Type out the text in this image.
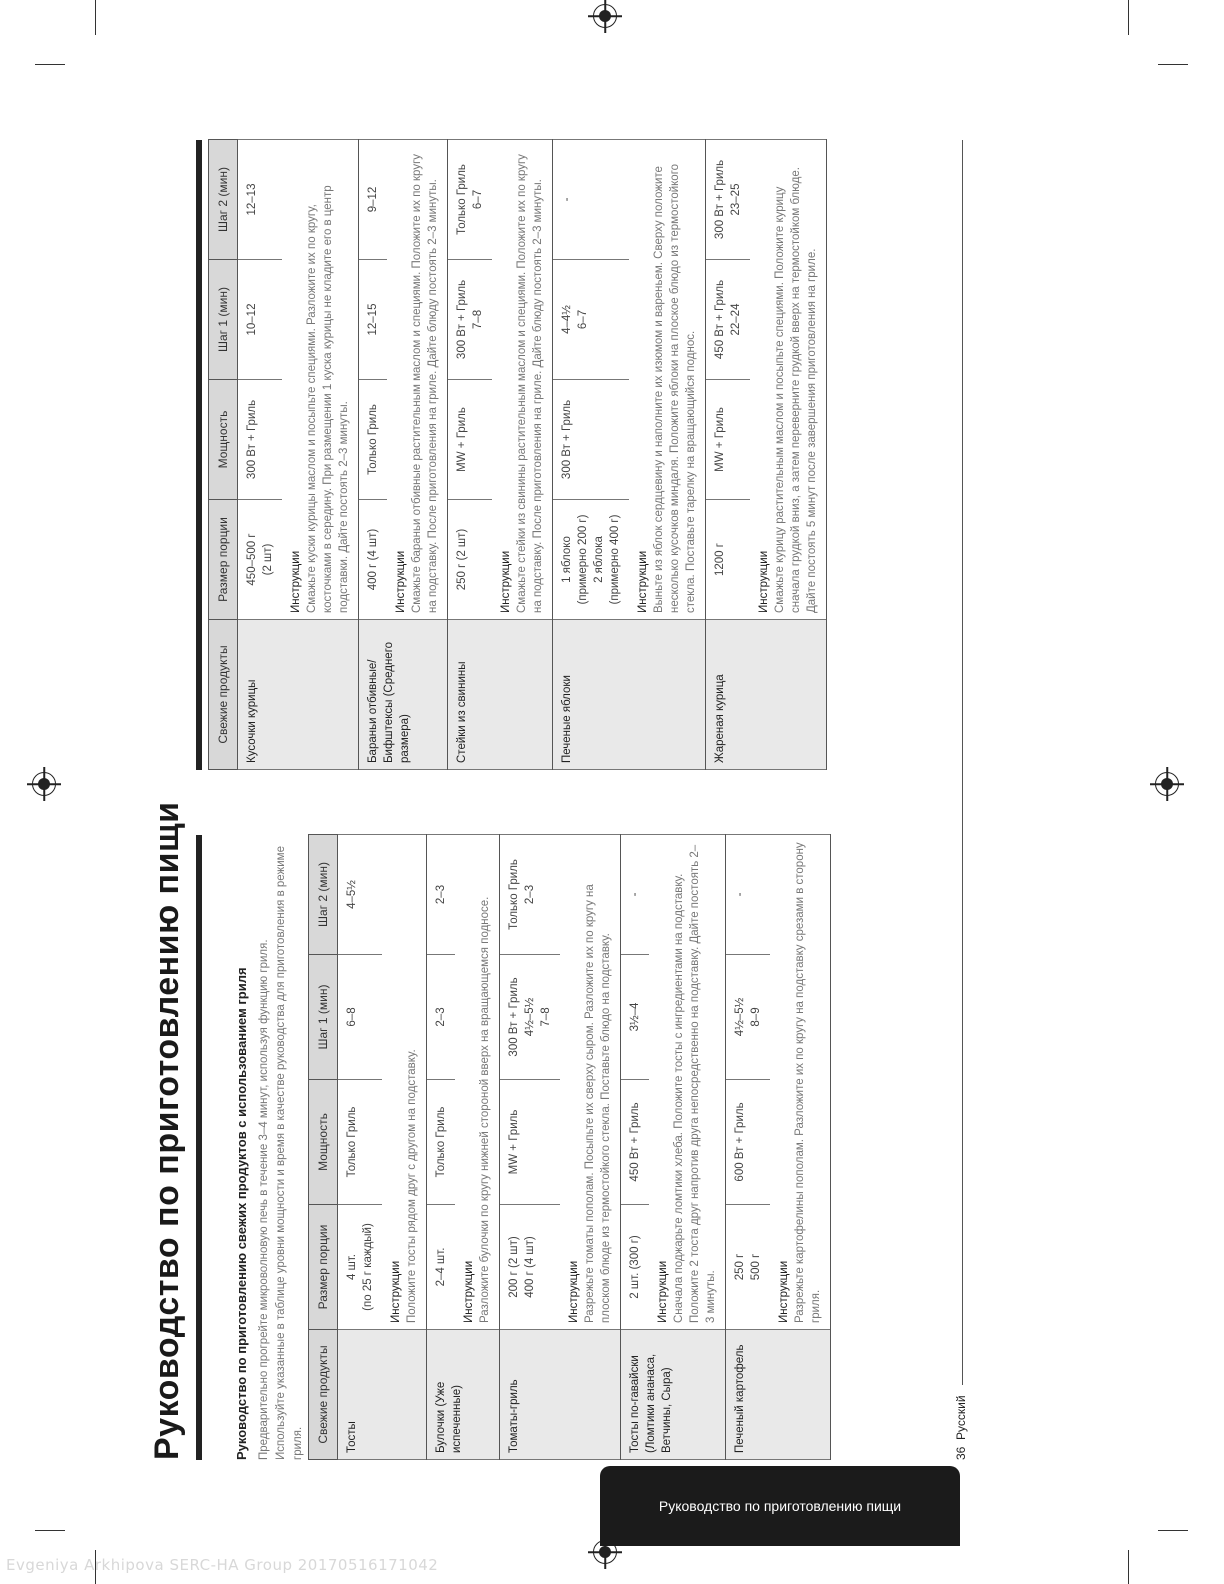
Руководство по приготовлению пищи	Руководство по приготовлению свежих продуктов с использованием гриля Предварительно прогрейте микроволновую печь в течение 3–4 минут, используя функцию гриля. Используйте указанные в таблице уровни мощности и время в качестве руководства для приготовления в режиме гриля. Свежие продукты	Размер порции	Мощность	Шаг 1 (мин)	Шаг 2 (мин)
Тосты	4 шт. (по 25 г каждый)	Только Гриль	6–8	4–5½

	Инструкции Положите тосты рядом друг с другом на подставку.			
Булочки (Уже испеченные)	2–4 шт.	Только Гриль	2–3	2–3

	Инструкции Разложите булочки по кругу нижней стороной вверх на вращающемся подносе.			
Томаты-гриль	200 г (2 шт) 400 г (4 шт)	MW + Гриль	300 Вт + Гриль 4½–5½ 7–8	Только Гриль 2–3

	Инструкции Разрежьте томаты пополам. Посыпьте их сверху сыром. Разложите их по кругу на плоском блюде из термостойкого стекла. Поставьте блюдо на подставку.			
Тосты по-гавайски (Ломтики ананаса, Ветчины, Сыра)	2 шт. (300 г)	450 Вт + Гриль	3½–4	-

	Инструкции Сначала поджарьте ломтики хлеба. Положите тосты с ингредиентами на подставку. Положите 2 тоста друг напротив друга непосредственно на подставку. Дайте постоять 2–3 минуты.			
Печеный картофель	250 г 500 г	600 Вт + Гриль	4½–5½ 8–9	-

	Инструкции Разрежьте картофелины пополам. Разложите их по кругу на подставку срезами в сторону гриля.			
Свежие продукты	Размер порции	Мощность	Шаг 1 (мин)	Шаг 2 (мин)
Кусочки курицы	450–500 г (2 шт)	300 Вт + Гриль	10–12	12–13

	Инструкции Смажьте куски курицы маслом и посыпьте специями. Разложите их по кругу, косточками в середину. При размещении 1 куска курицы не кладите его в центр подставки. Дайте постоять 2–3 минуты.			
Бараньи отбивные/ Бифштексы (Среднего размера)	400 г (4 шт)	Только Гриль	12–15	9–12

	Инструкции Смажьте бараньи отбивные растительным маслом и специями. Положите их по кругу на подставку. После приготовления на гриле. Дайте блюду постоять 2–3 минуты.			
Стейки из свинины	250 г (2 шт)	MW + Гриль	300 Вт + Гриль 7–8	Только Гриль 6–7

	Инструкции Смажьте стейки из свинины растительным маслом и специями. Положите их по кругу на подставку. После приготовления на гриле. Дайте блюду постоять 2–3 минуты.			
Печеные яблоки	1 яблоко (примерно 200 г) 2 яблока (примерно 400 г)	300 Вт + Гриль	4–4½ 6–7	-

	Инструкции Выньте из яблок сердцевину и наполните их изюмом и вареньем. Сверху положите несколько кусочков миндаля. Положите яблоки на плоское блюдо из термостойкого стекла. Поставьте тарелку на вращающийся поднос.			
Жареная курица	1200 г	MW + Гриль	450 Вт + Гриль 22–24	300 Вт + Гриль 23–25

	Инструкции Смажьте курицу растительным маслом и посыпьте специями. Положите курицу сначала грудкой вниз, а затем переверните грудкой вверх на термостойком блюде. Дайте постоять 5 минут после завершения приготовления на гриле.			
36  Русский
Руководство по приготовлению пищи
Evgeniya Arkhipova SERC-HA Group 20170516171042
